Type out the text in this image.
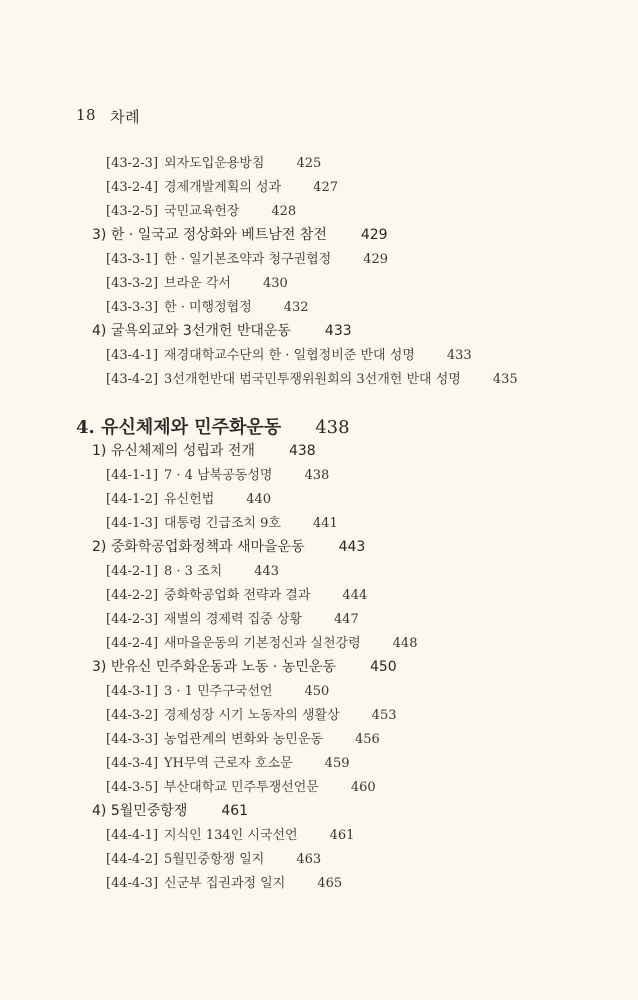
18 차례
[43-2-3] 외자도입운용방침 425
[43-2-4] 경제개발계획의 성과 427
[43-2-5] 국민교육헌장 428
3) 한 · 일국교 정상화와 베트남전 참전 429
[43-3-1] 한 · 일기본조약과 청구권협정 429
[43-3-2] 브라운 각서 430
[43-3-3] 한 · 미행정협정 432
4) 굴욕외교와 3선개헌 반대운동 433
[43-4-1] 재경대학교수단의 한 · 일협정비준 반대 성명 433
[43-4-2] 3선개헌반대 범국민투쟁위원회의 3선개헌 반대 성명 435
4. 유신체제와 민주화운동 438
1) 유신체제의 성립과 전개 438
[44-1-1] 7 · 4 남북공동성명 438
[44-1-2] 유신헌법 440
[44-1-3] 대통령 긴급조치 9호 441
2) 중화학공업화정책과 새마을운동 443
[44-2-1] 8 · 3 조치 443
[44-2-2] 중화학공업화 전략과 결과 444
[44-2-3] 재벌의 경제력 집중 상황 447
[44-2-4] 새마을운동의 기본정신과 실천강령 448
3) 반유신 민주화운동과 노동 · 농민운동 450
[44-3-1] 3 · 1 민주구국선언 450
[44-3-2] 경제성장 시기 노동자의 생활상 453
[44-3-3] 농업관계의 변화와 농민운동 456
[44-3-4] YH무역 근로자 호소문 459
[44-3-5] 부산대학교 민주투쟁선언문 460
4) 5월민중항쟁 461
[44-4-1] 지식인 134인 시국선언 461
[44-4-2] 5월민중항쟁 일지 463
[44-4-3] 신군부 집권과정 일지 465
